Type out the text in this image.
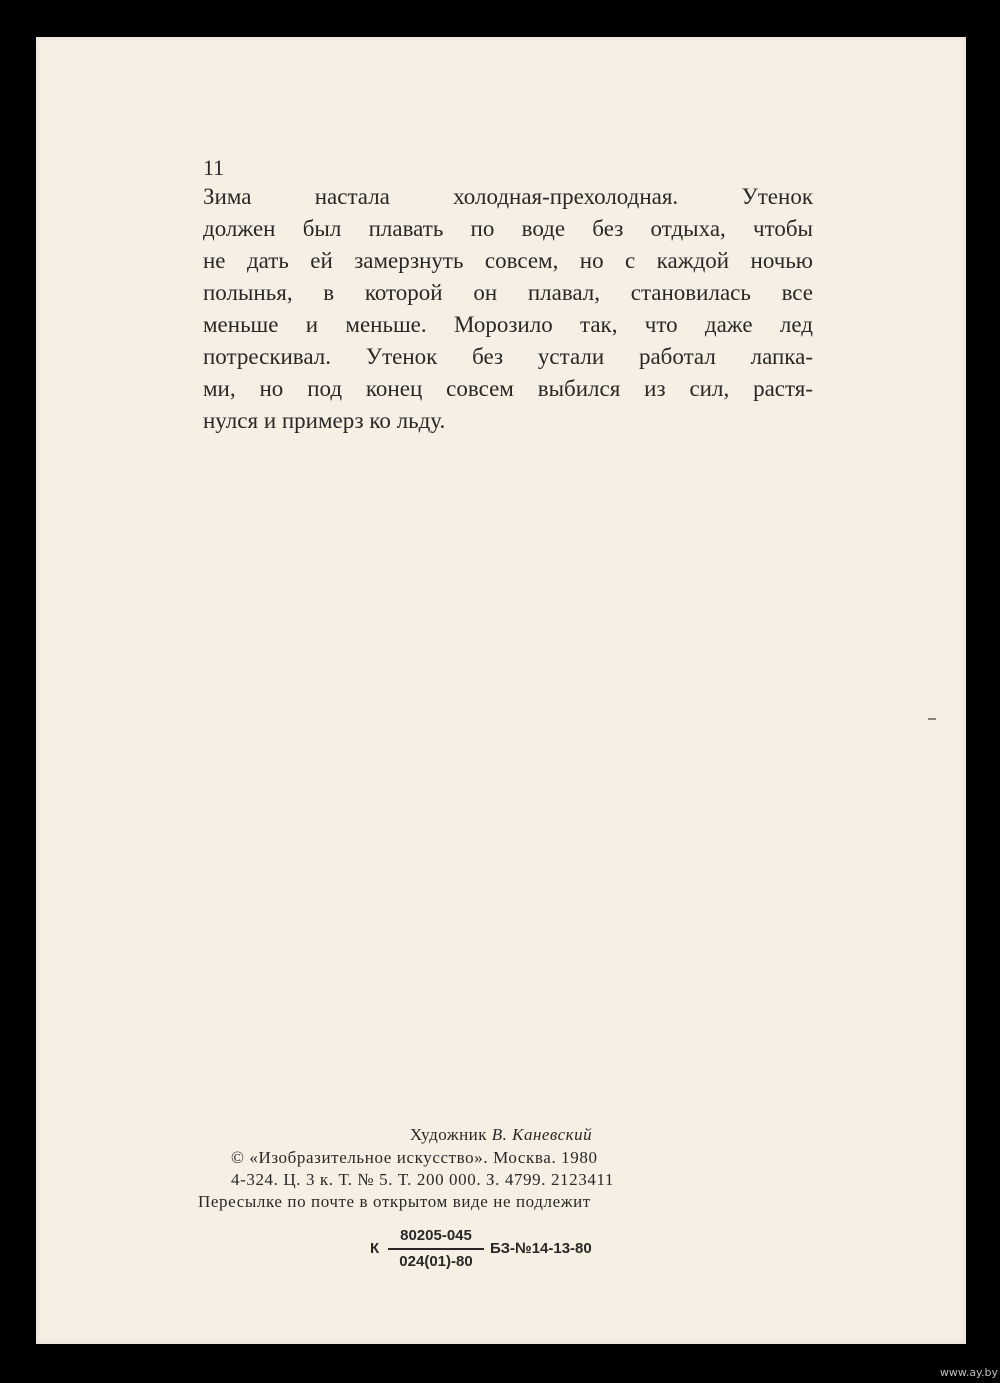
11

Зима настала холодная-прехолодная. Утенок
должен был плавать по воде без отдыха, чтобы
не дать ей замерзнуть совсем, но с каждой ночью
полынья, в которой он плавал, становилась все
меньше и меньше. Морозило так, что даже лед
потрескивал. Утенок без устали работал лапка-
ми, но под конец совсем выбился из сил, растя-
нулся и примерз ко льду.

Художник В. Каневский
© «Изобразительное искусство». Москва. 1980
4-324. Ц. 3 к. Т. № 5. Т. 200 000. З. 4799. 2123411
Пересылке по почте в открытом виде не подлежит
К
80205-045
024(01)-80
БЗ-№14-13-80
www.ay.by
